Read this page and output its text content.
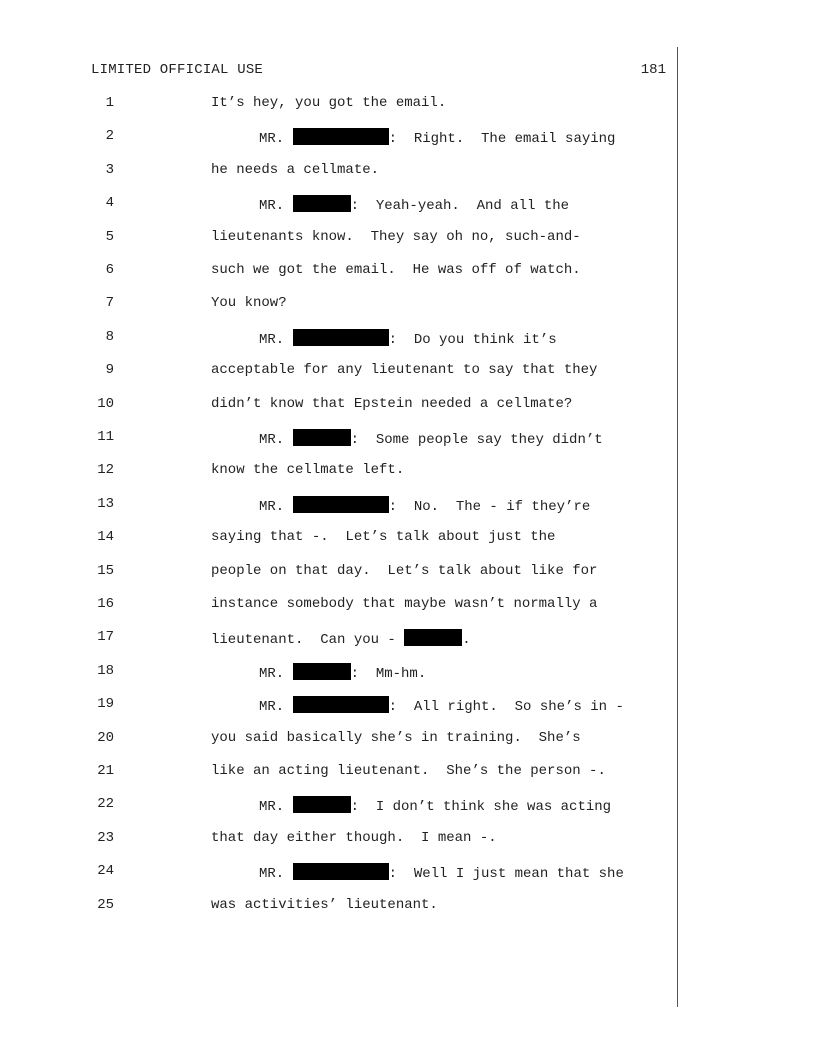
LIMITED OFFICIAL USE	181
1	It’s hey, you got the email.
2	MR.	:  Right.  The email saying
3	he needs a cellmate.
4	MR.	:  Yeah-yeah.  And all the
5	lieutenants know.  They say oh no, such-and-
6	such we got the email.  He was off of watch.
7	You know?
8	MR.	:  Do you think it’s
9	acceptable for any lieutenant to say that they
10	didn’t know that Epstein needed a cellmate?
11	MR.	:  Some people say they didn’t
12	know the cellmate left.
13	MR.	:  No.  The - if they’re
14	saying that -.  Let’s talk about just the
15	people on that day.  Let’s talk about like for
16	instance somebody that maybe wasn’t normally a
17	lieutenant.  Can you -	.
18	MR.	:  Mm-hm.
19	MR.	:  All right.  So she’s in -
20	you said basically she’s in training.  She’s
21	like an acting lieutenant.  She’s the person -.
22	MR.	:  I don’t think she was acting
23	that day either though.  I mean -.
24	MR.	:  Well I just mean that she
25	was activities’ lieutenant.
